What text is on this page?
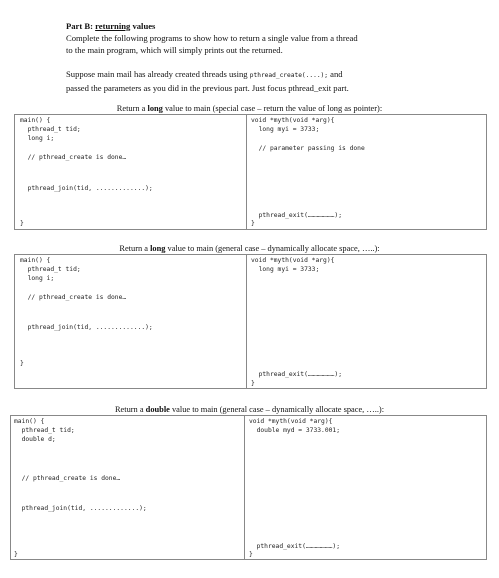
Part B: returning values

Complete the following programs to show how to return a single value from a thread

to the main program, which will simply prints out the returned.

Suppose main mail has already created threads using pthread_create(....); and

passed the parameters as you did in the previous part. Just focus pthread_exit part.

Return a long value to main (special case – return the value of long as pointer):
main() {
pthread_t tid;
long i;
// pthread_create is done…
pthread_join(tid, .............);
}
void *myth(void *arg){
long myi = 3733;
// parameter passing is done
pthread_exit(…………………);
}
Return a long value to main (general case – dynamically allocate space, …..):
main() {
pthread_t tid;
long i;
// pthread_create is done…
pthread_join(tid, .............);
}
void *myth(void *arg){
long myi = 3733;
pthread_exit(…………………);
}
Return a double value to main (general case – dynamically allocate space, …..):
main() {
pthread_t tid;
double d;
// pthread_create is done…
pthread_join(tid, .............);
}
void *myth(void *arg){
double myd = 3733.001;
pthread_exit(…………………);
}
